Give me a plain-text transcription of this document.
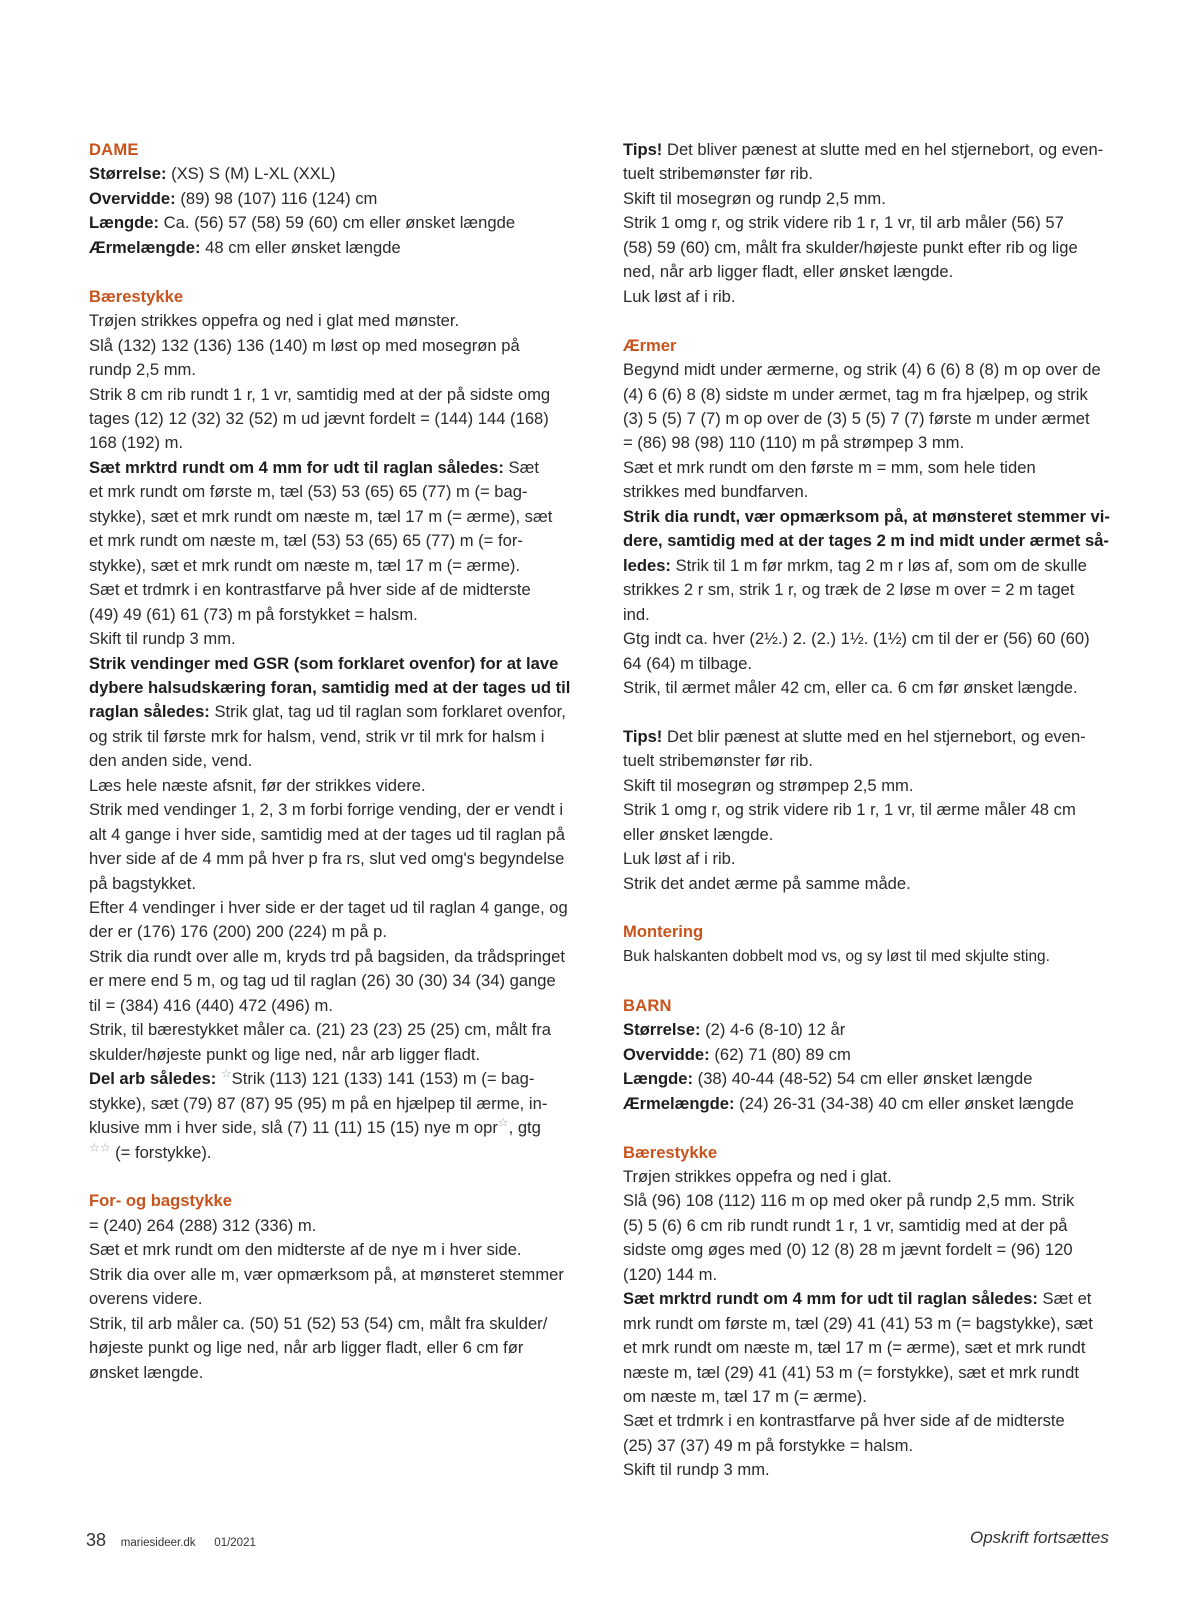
DAME
Størrelse: (XS) S (M) L-XL (XXL)
Overvidde: (89) 98 (107) 116 (124) cm
Længde: Ca. (56) 57 (58) 59 (60) cm eller ønsket længde
Ærmelængde: 48 cm eller ønsket længde
Bærestykke
Trøjen strikkes oppefra og ned i glat med mønster.
Slå (132) 132 (136) 136 (140) m løst op med mosegrøn på
rundp 2,5 mm.
Strik 8 cm rib rundt 1 r, 1 vr, samtidig med at der på sidste omg
tages (12) 12 (32) 32 (52) m ud jævnt fordelt = (144) 144 (168)
168 (192) m.
Sæt mrktrd rundt om 4 mm for udt til raglan således: Sæt
et mrk rundt om første m, tæl (53) 53 (65) 65 (77) m (= bag-
stykke), sæt et mrk rundt om næste m, tæl 17 m (= ærme), sæt
et mrk rundt om næste m, tæl (53) 53 (65) 65 (77) m (= for-
stykke), sæt et mrk rundt om næste m, tæl 17 m (= ærme).
Sæt et trdmrk i en kontrastfarve på hver side af de midterste
(49) 49 (61) 61 (73) m på forstykket = halsm.
Skift til rundp 3 mm.
Strik vendinger med GSR (som forklaret ovenfor) for at lave
dybere halsudskæring foran, samtidig med at der tages ud til
raglan således: Strik glat, tag ud til raglan som forklaret ovenfor,
og strik til første mrk for halsm, vend, strik vr til mrk for halsm i
den anden side, vend.
Læs hele næste afsnit, før der strikkes videre.
Strik med vendinger 1, 2, 3 m forbi forrige vending, der er vendt i
alt 4 gange i hver side, samtidig med at der tages ud til raglan på
hver side af de 4 mm på hver p fra rs, slut ved omg's begyndelse
på bagstykket.
Efter 4 vendinger i hver side er der taget ud til raglan 4 gange, og
der er (176) 176 (200) 200 (224) m på p.
Strik dia rundt over alle m, kryds trd på bagsiden, da trådspringet
er mere end 5 m, og tag ud til raglan (26) 30 (30) 34 (34) gange
til = (384) 416 (440) 472 (496) m.
Strik, til bærestykket måler ca. (21) 23 (23) 25 (25) cm, målt fra
skulder/højeste punkt og lige ned, når arb ligger fladt.
Del arb således: ☆Strik (113) 121 (133) 141 (153) m (= bag-
stykke), sæt (79) 87 (87) 95 (95) m på en hjælpep til ærme, in-
klusive mm i hver side, slå (7) 11 (11) 15 (15) nye m opr☆, gtg
☆☆ (= forstykke).
For- og bagstykke
= (240) 264 (288) 312 (336) m.
Sæt et mrk rundt om den midterste af de nye m i hver side.
Strik dia over alle m, vær opmærksom på, at mønsteret stemmer
overens videre.
Strik, til arb måler ca. (50) 51 (52) 53 (54) cm, målt fra skulder/
højeste punkt og lige ned, når arb ligger fladt, eller 6 cm før
ønsket længde.
Tips! Det bliver pænest at slutte med en hel stjernebort, og even-
tuelt stribemønster før rib.
Skift til mosegrøn og rundp 2,5 mm.
Strik 1 omg r, og strik videre rib 1 r, 1 vr, til arb måler (56) 57
(58) 59 (60) cm, målt fra skulder/højeste punkt efter rib og lige
ned, når arb ligger fladt, eller ønsket længde.
Luk løst af i rib.
Ærmer
Begynd midt under ærmerne, og strik (4) 6 (6) 8 (8) m op over de
(4) 6 (6) 8 (8) sidste m under ærmet, tag m fra hjælpep, og strik
(3) 5 (5) 7 (7) m op over de (3) 5 (5) 7 (7) første m under ærmet
= (86) 98 (98) 110 (110) m på strømpep 3 mm.
Sæt et mrk rundt om den første m = mm, som hele tiden
strikkes med bundfarven.
Strik dia rundt, vær opmærksom på, at mønsteret stemmer vi-
dere, samtidig med at der tages 2 m ind midt under ærmet så-
ledes: Strik til 1 m før mrkm, tag 2 m r løs af, som om de skulle
strikkes 2 r sm, strik 1 r, og træk de 2 løse m over = 2 m taget
ind.
Gtg indt ca. hver (2½.) 2. (2.) 1½. (1½) cm til der er (56) 60 (60)
64 (64) m tilbage.
Strik, til ærmet måler 42 cm, eller ca. 6 cm før ønsket længde.
Tips! Det blir pænest at slutte med en hel stjernebort, og even-
tuelt stribemønster før rib.
Skift til mosegrøn og strømpep 2,5 mm.
Strik 1 omg r, og strik videre rib 1 r, 1 vr, til ærme måler 48 cm
eller ønsket længde.
Luk løst af i rib.
Strik det andet ærme på samme måde.
Montering
Buk halskanten dobbelt mod vs, og sy løst til med skjulte sting.
BARN
Størrelse: (2) 4-6 (8-10) 12 år
Overvidde: (62) 71 (80) 89 cm
Længde: (38) 40-44 (48-52) 54 cm eller ønsket længde
Ærmelængde: (24) 26-31 (34-38) 40 cm eller ønsket længde
Bærestykke
Trøjen strikkes oppefra og ned i glat.
Slå (96) 108 (112) 116 m op med oker på rundp 2,5 mm. Strik
(5) 5 (6) 6 cm rib rundt rundt 1 r, 1 vr, samtidig med at der på
sidste omg øges med (0) 12 (8) 28 m jævnt fordelt = (96) 120
(120) 144 m.
Sæt mrktrd rundt om 4 mm for udt til raglan således: Sæt et
mrk rundt om første m, tæl (29) 41 (41) 53 m (= bagstykke), sæt
et mrk rundt om næste m, tæl 17 m (= ærme), sæt et mrk rundt
næste m, tæl (29) 41 (41) 53 m (= forstykke), sæt et mrk rundt
om næste m, tæl 17 m (= ærme).
Sæt et trdmrk i en kontrastfarve på hver side af de midterste
(25) 37 (37) 49 m på forstykke = halsm.
Skift til rundp 3 mm.
38 mariesideer.dk 01/2021	Opskrift fortsættes
